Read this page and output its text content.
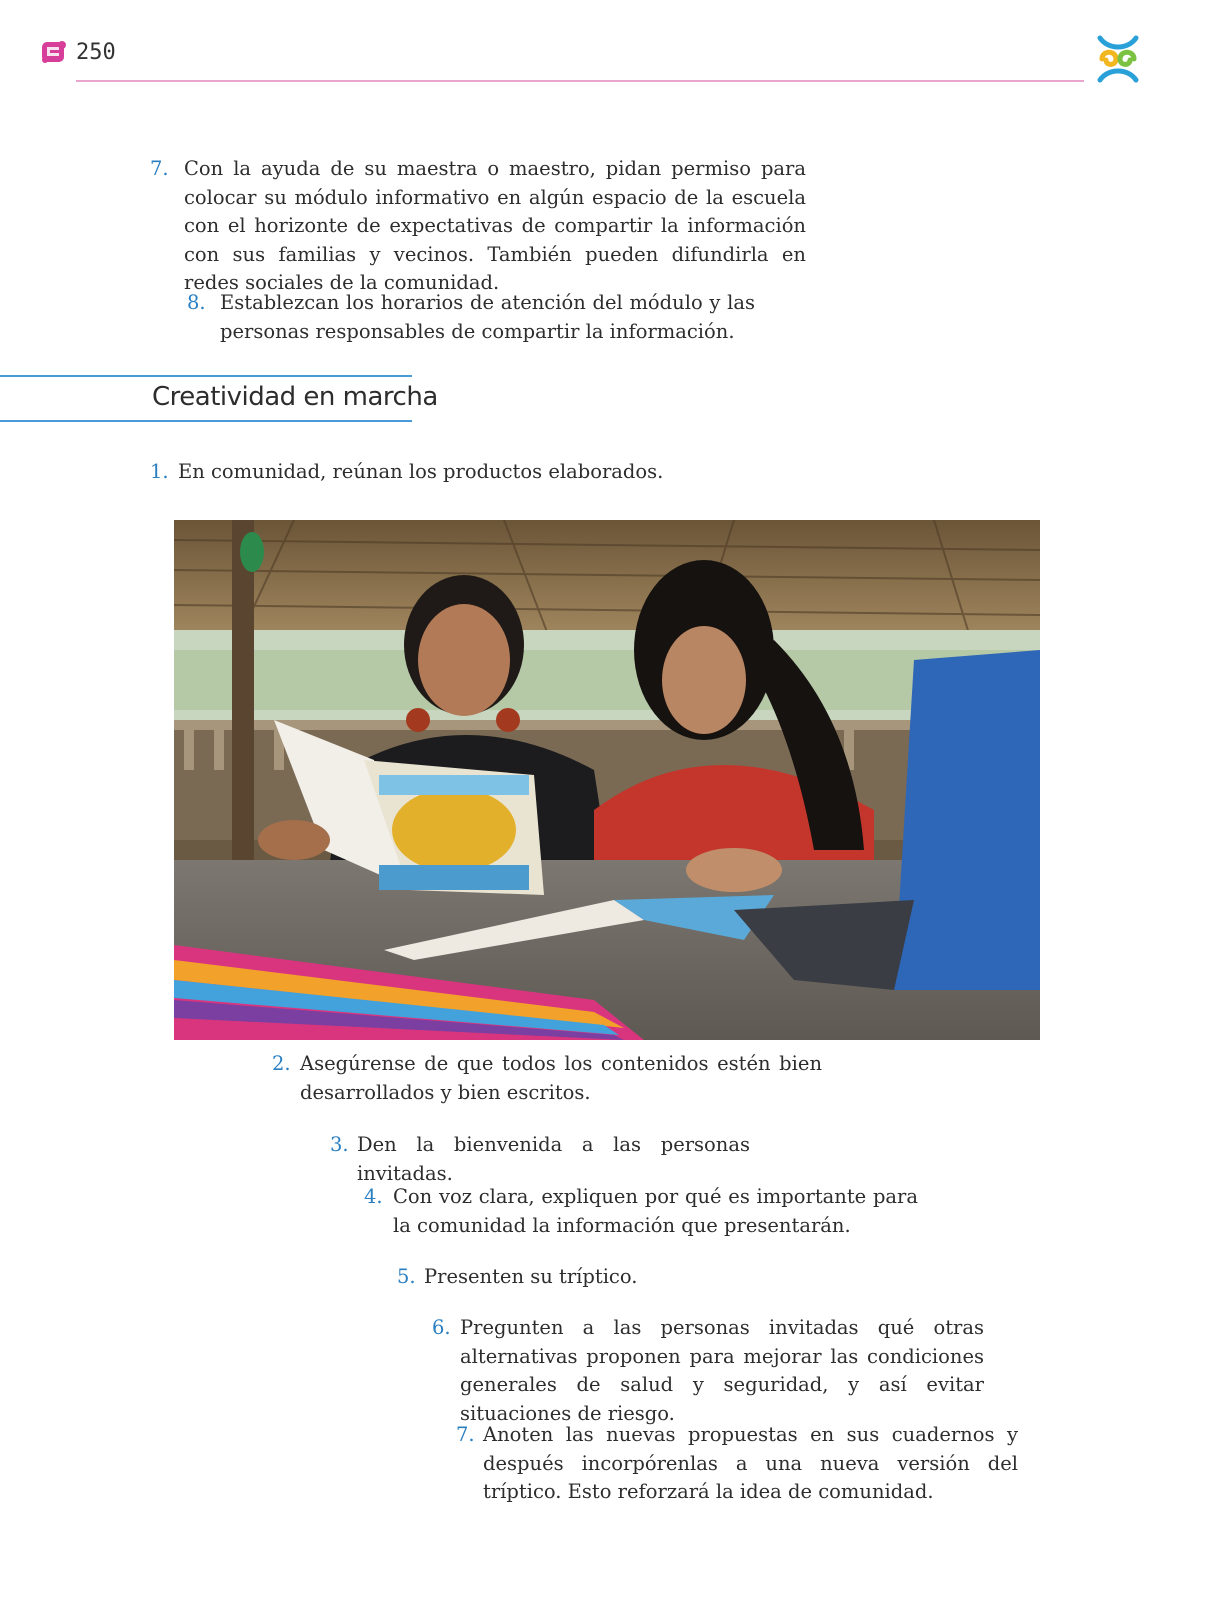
250
7. Con la ayuda de su maestra o maestro, pidan permiso para colocar su módulo informativo en algún espacio de la escuela con el horizonte de expectativas de compartir la información con sus familias y vecinos. También pueden difundirla en redes sociales de la comunidad.
8. Establezcan los horarios de atención del módulo y las personas responsables de compartir la información.
Creatividad en marcha
1. En comunidad, reúnan los productos elaborados.
2. Asegúrense de que todos los contenidos estén bien desarrollados y bien escritos.
3. Den la bienvenida a las personas invitadas.
4. Con voz clara, expliquen por qué es importante para la comunidad la información que presentarán.
5. Presenten su tríptico.
6. Pregunten a las personas invitadas qué otras alternativas proponen para mejorar las condiciones generales de salud y seguridad, y así evitar situaciones de riesgo.
7. Anoten las nuevas propuestas en sus cuadernos y después incorpórenlas a una nueva versión del tríptico. Esto reforzará la idea de comunidad.
